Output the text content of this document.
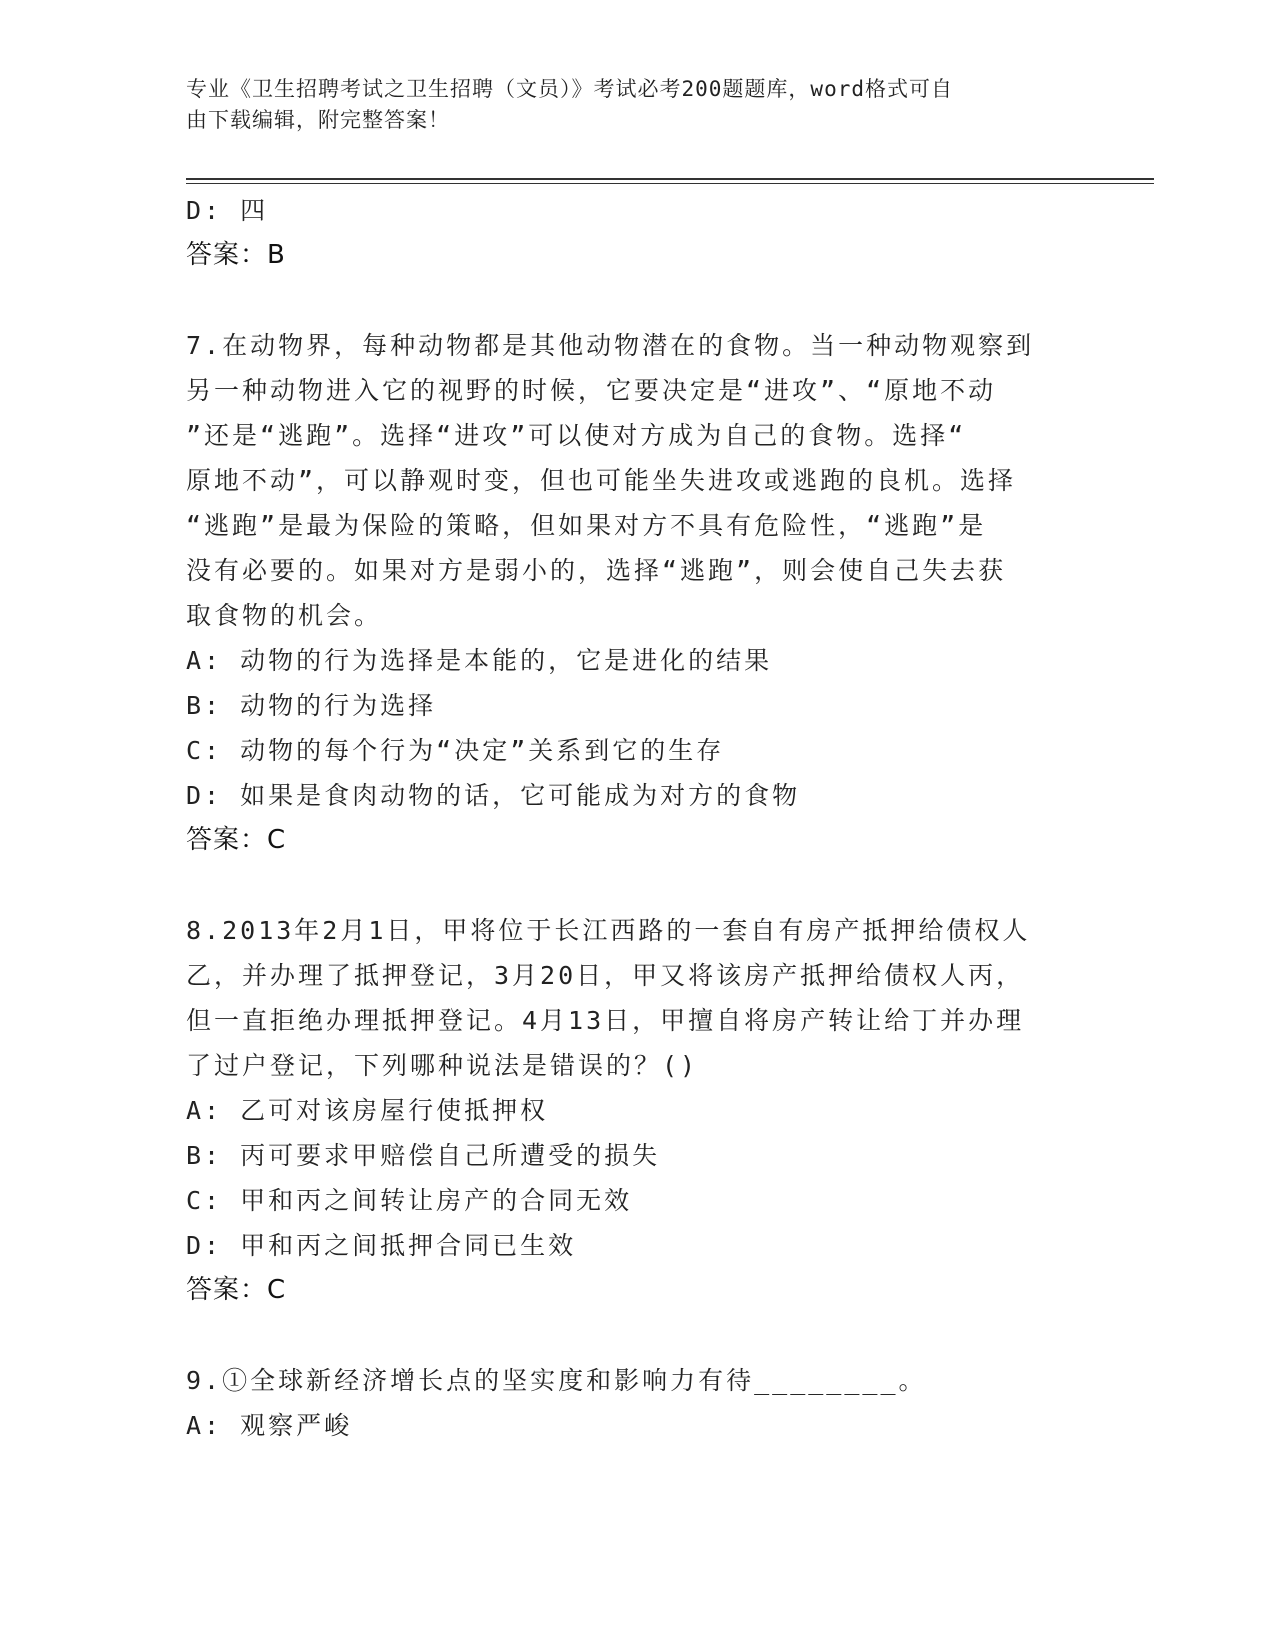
专业《卫生招聘考试之卫生招聘（文员）》考试必考200题题库，word格式可自
由下载编辑，附完整答案！
D: 四
答案：B
7.在动物界，每种动物都是其他动物潜在的食物。当一种动物观察到
另一种动物进入它的视野的时候，它要决定是“进攻”、“原地不动
”还是“逃跑”。选择“进攻”可以使对方成为自己的食物。选择“
原地不动”，可以静观时变，但也可能坐失进攻或逃跑的良机。选择
“逃跑”是最为保险的策略，但如果对方不具有危险性，“逃跑”是
没有必要的。如果对方是弱小的，选择“逃跑”，则会使自己失去获
取食物的机会。
A: 动物的行为选择是本能的，它是进化的结果
B: 动物的行为选择
C: 动物的每个行为“决定”关系到它的生存
D: 如果是食肉动物的话，它可能成为对方的食物
答案：C
8.2013年2月1日，甲将位于长江西路的一套自有房产抵押给债权人
乙，并办理了抵押登记，3月20日，甲又将该房产抵押给债权人丙，
但一直拒绝办理抵押登记。4月13日，甲擅自将房产转让给丁并办理
了过户登记，下列哪种说法是错误的？()
A: 乙可对该房屋行使抵押权
B: 丙可要求甲赔偿自己所遭受的损失
C: 甲和丙之间转让房产的合同无效
D: 甲和丙之间抵押合同已生效
答案：C
9.①全球新经济增长点的坚实度和影响力有待________。
A: 观察严峻
